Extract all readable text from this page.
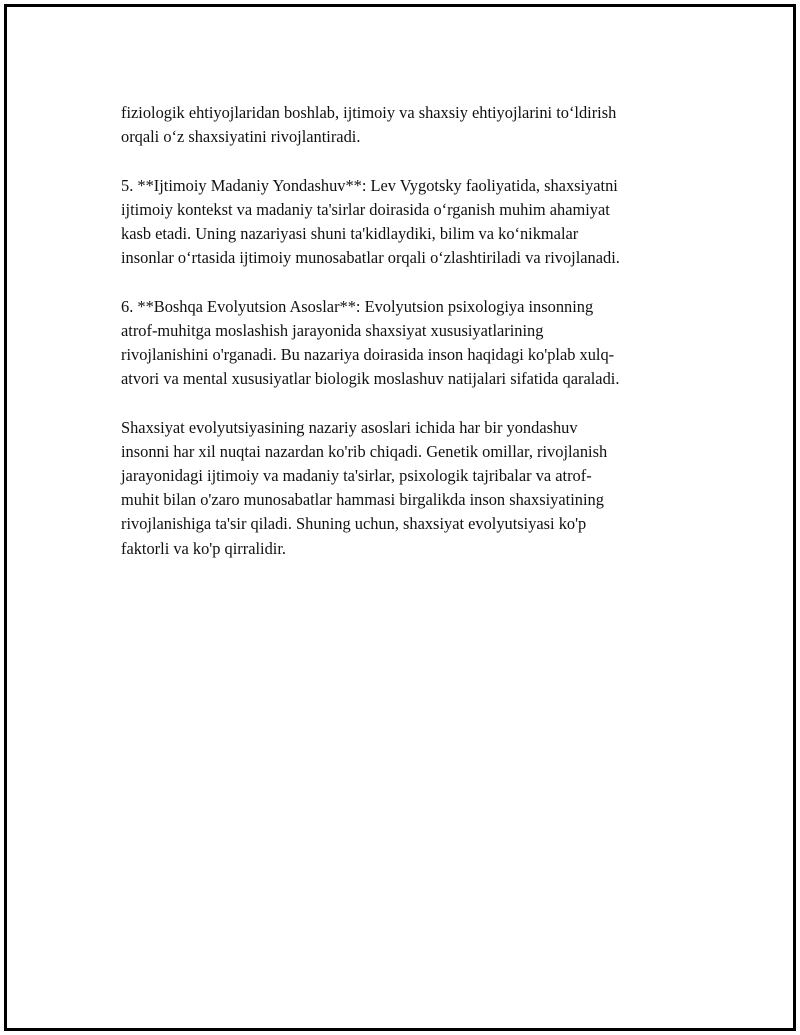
fiziologik ehtiyojlaridan boshlab, ijtimoiy va shaxsiy ehtiyojlarini to‘ldirish
orqali o‘z shaxsiyatini rivojlantiradi.

5. **Ijtimoiy Madaniy Yondashuv**: Lev Vygotsky faoliyatida, shaxsiyatni
ijtimoiy kontekst va madaniy ta'sirlar doirasida o‘rganish muhim ahamiyat
kasb etadi. Uning nazariyasi shuni ta'kidlaydiki, bilim va ko‘nikmalar
insonlar o‘rtasida ijtimoiy munosabatlar orqali o‘zlashtiriladi va rivojlanadi.

6. **Boshqa Evolyutsion Asoslar**: Evolyutsion psixologiya insonning
atrof-muhitga moslashish jarayonida shaxsiyat xususiyatlarining
rivojlanishini o'rganadi. Bu nazariya doirasida inson haqidagi ko'plab xulq-
atvori va mental xususiyatlar biologik moslashuv natijalari sifatida qaraladi.

Shaxsiyat evolyutsiyasining nazariy asoslari ichida har bir yondashuv
insonni har xil nuqtai nazardan ko'rib chiqadi. Genetik omillar, rivojlanish
jarayonidagi ijtimoiy va madaniy ta'sirlar, psixologik tajribalar va atrof-
muhit bilan o'zaro munosabatlar hammasi birgalikda inson shaxsiyatining
rivojlanishiga ta'sir qiladi. Shuning uchun, shaxsiyat evolyutsiyasi ko'p
faktorli va ko'p qirralidir.
